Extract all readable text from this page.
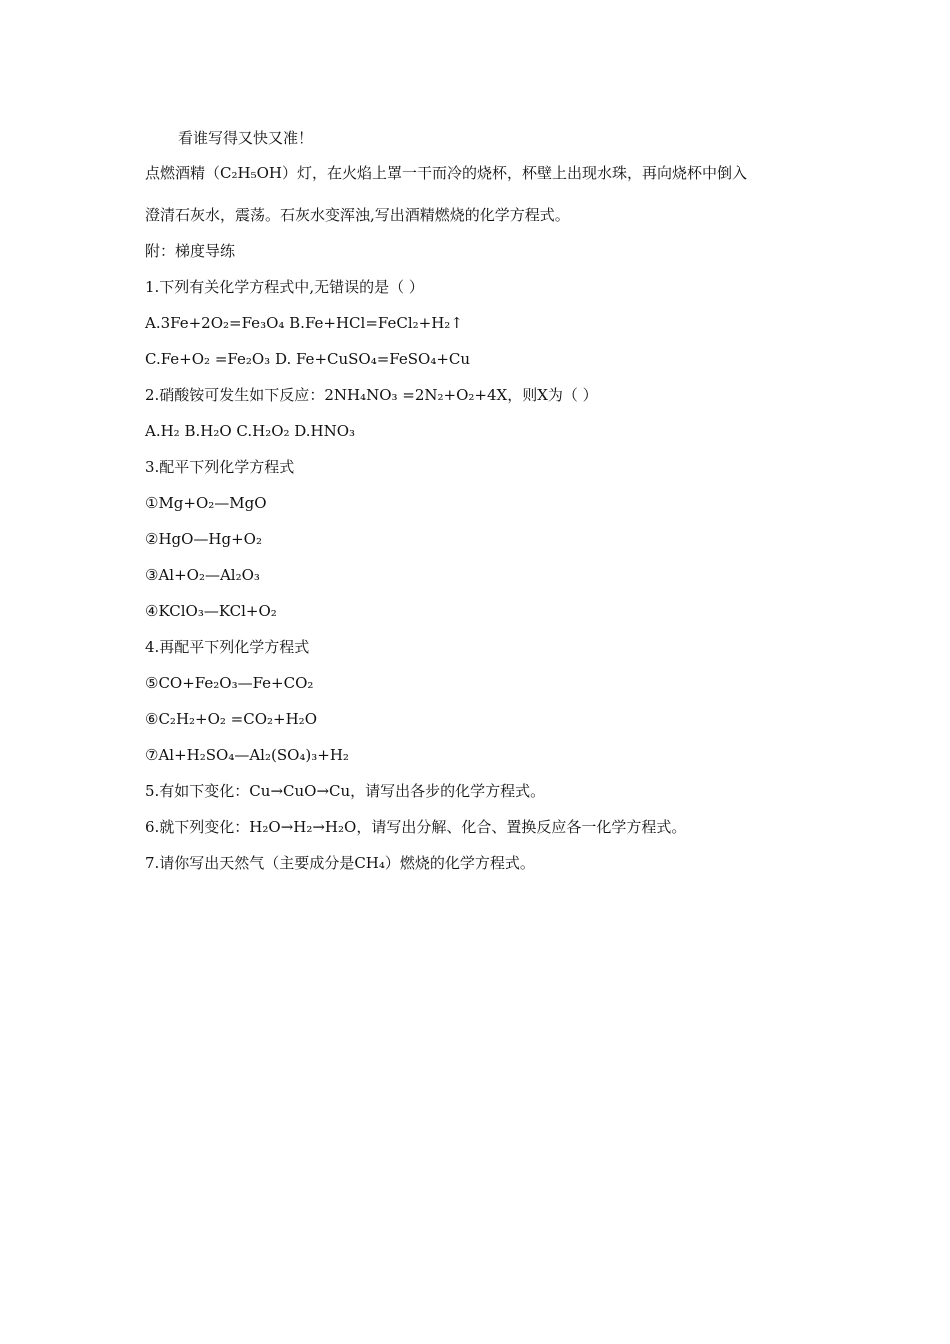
看谁写得又快又准！
点燃酒精（C₂H₅OH）灯，在火焰上罩一干而冷的烧杯，杯壁上出现水珠，再向烧杯中倒入
澄清石灰水，震荡。石灰水变浑浊,写出酒精燃烧的化学方程式。
附：梯度导练
1.下列有关化学方程式中,无错误的是（ ）
A.3Fe+2O₂=Fe₃O₄ B.Fe+HCl=FeCl₂+H₂↑
C.Fe+O₂ =Fe₂O₃ D. Fe+CuSO₄=FeSO₄+Cu
2.硝酸铵可发生如下反应：2NH₄NO₃ =2N₂+O₂+4X，则X为（ ）
A.H₂ B.H₂O C.H₂O₂ D.HNO₃
3.配平下列化学方程式
①Mg+O₂—MgO
②HgO—Hg+O₂
③Al+O₂—Al₂O₃
④KClO₃—KCl+O₂
4.再配平下列化学方程式
⑤CO+Fe₂O₃—Fe+CO₂
⑥C₂H₂+O₂ =CO₂+H₂O
⑦Al+H₂SO₄—Al₂(SO₄)₃+H₂
5.有如下变化：Cu→CuO→Cu，请写出各步的化学方程式。
6.就下列变化：H₂O→H₂→H₂O，请写出分解、化合、置换反应各一化学方程式。
7.请你写出天然气（主要成分是CH₄）燃烧的化学方程式。
